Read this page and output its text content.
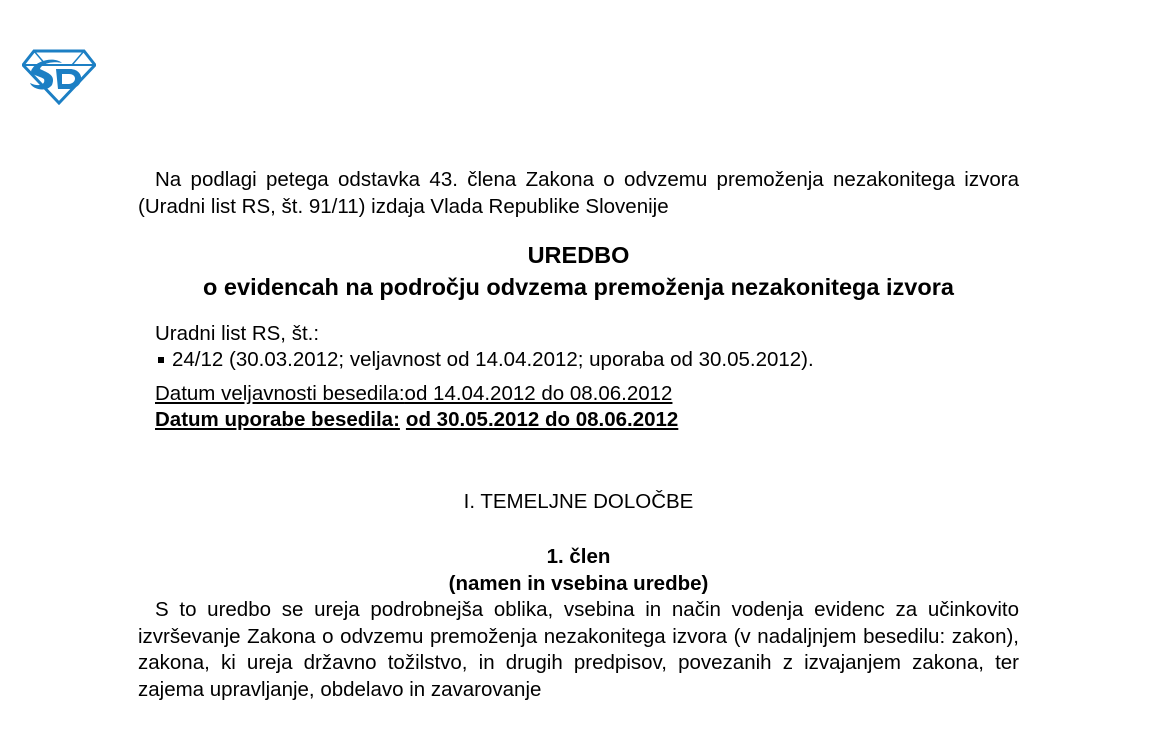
Na podlagi petega odstavka 43. člena Zakona o odvzemu premoženja nezakonitega izvora (Uradni list RS, št. 91/11) izdaja Vlada Republike Slovenije

UREDBO
o evidencah na področju odvzema premoženja nezakonitega izvora
Uradni list RS, št.:
24/12 (30.03.2012; veljavnost od 14.04.2012; uporaba od 30.05.2012).
Datum veljavnosti besedila:od 14.04.2012 do 08.06.2012
Datum uporabe besedila: od 30.05.2012 do 08.06.2012
I. TEMELJNE DOLOČBE
1. člen
(namen in vsebina uredbe)

S to uredbo se ureja podrobnejša oblika, vsebina in način vodenja evidenc za učinkovito izvrševanje Zakona o odvzemu premoženja nezakonitega izvora (v nadaljnjem besedilu: zakon), zakona, ki ureja državno tožilstvo, in drugih predpisov, povezanih z izvajanjem zakona, ter zajema upravljanje, obdelavo in zavarovanje
